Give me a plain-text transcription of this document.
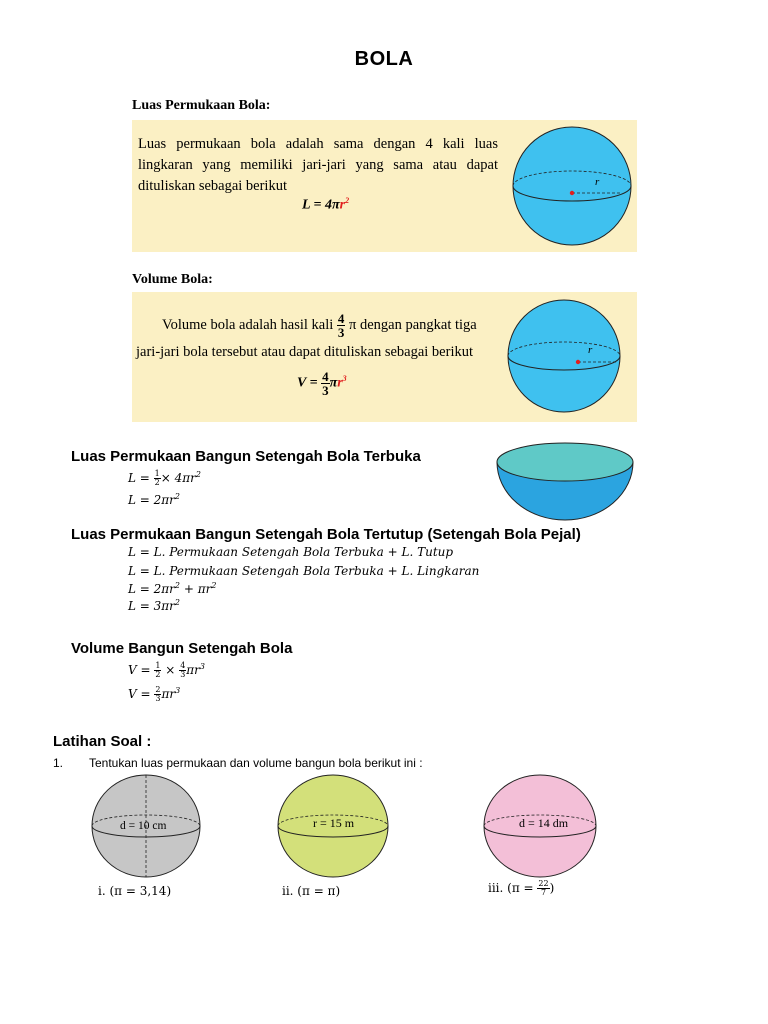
BOLA
Luas Permukaan Bola:
Luas permukaan bola adalah sama dengan 4 kali luas lingkaran yang memiliki jari-jari yang sama atau dapat dituliskan sebagai berikut
$L = 4\pi r^2$
r
Volume Bola:
Volume bola adalah hasil kali $\frac{4}{3}$ π dengan pangkat tiga
jari-jari bola tersebut atau dapat dituliskan sebagai berikut
$V = \frac{4}{3} \pi r^3$
r
Luas Permukaan Bangun Setengah Bola Terbuka
$L = \frac{1}{2} \times 4\pi r^2$
$L = 2\pi r^2$
Luas Permukaan Bangun Setengah Bola Tertutup (Setengah Bola Pejal)
L = L. Permukaan Setengah Bola Terbuka + L. Tutup
L = L. Permukaan Setengah Bola Terbuka + L. Lingkaran
$L = 2\pi r^2 + \pi r^2$
$L = 3\pi r^2$
Volume Bangun Setengah Bola
$V = \frac{1}{2} \times \frac{4}{3} \pi r^3$
$V = \frac{2}{3} \pi r^3$
Latihan Soal :
1. Tentukan luas permukaan dan volume bangun bola berikut ini :
d = 10 cm
i. (π = 3,14)
r = 15 m
ii. (π = π)
d = 14 dm
iii. ($\pi = \frac{22}{7}$ )
